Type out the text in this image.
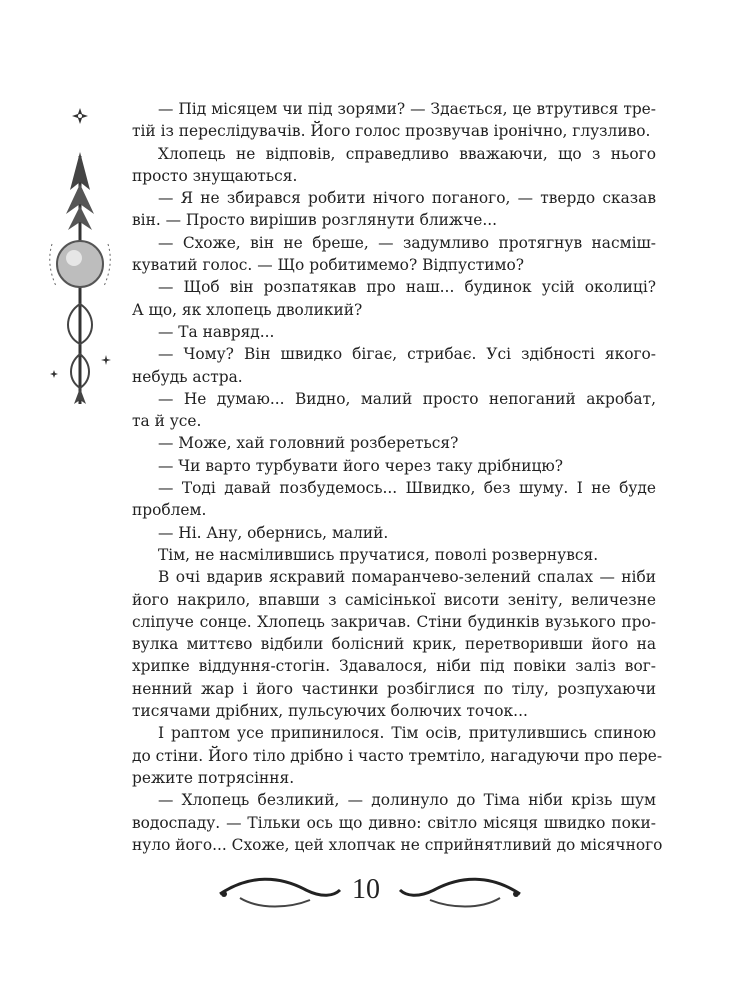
— Під місяцем чи під зорями? — Здається, це втрутився тре-
тій із переслідувачів. Його голос прозвучав іронічно, глузливо.
Хлопець не відповів, справедливо вважаючи, що з нього
просто знущаються.
— Я не збирався робити нічого поганого, — твердо сказав
він. — Просто вирішив розглянути ближче...
— Схоже, він не бреше, — задумливо протягнув насміш-
куватий голос. — Що робитимемо? Відпустимо?
— Щоб він розпатякав про наш... будинок усій околиці?
А що, як хлопець дволикий?
— Та навряд...
— Чому? Він швидко бігає, стрибає. Усі здібності якого-
небудь астра.
— Не думаю... Видно, малий просто непоганий акробат,
та й усе.
— Може, хай головний розбереться?
— Чи варто турбувати його через таку дрібницю?
— Тоді давай позбудемось... Швидко, без шуму. І не буде
проблем.
— Ні. Ану, обернись, малий.
Тім, не насмілившись пручатися, поволі розвернувся.
В очі вдарив яскравий помаранчево-зелений спалах — ніби
його накрило, впавши з самісінької висоти зеніту, величезне
сліпуче сонце. Хлопець закричав. Стіни будинків вузького про-
вулка миттєво відбили болісний крик, перетворивши його на
хрипке віддуння-стогін. Здавалося, ніби під повіки заліз вог-
ненний жар і його частинки розбіглися по тілу, розпухаючи
тисячами дрібних, пульсуючих болючих точок...
І раптом усе припинилося. Тім осів, притулившись спиною
до стіни. Його тіло дрібно і часто тремтіло, нагадуючи про пере-
режите потрясіння.
— Хлопець безликий, — долинуло до Тіма ніби крізь шум
водоспаду. — Тільки ось що дивно: світло місяця швидко поки-
нуло його... Схоже, цей хлопчак не сприйнятливий до місячного
10
